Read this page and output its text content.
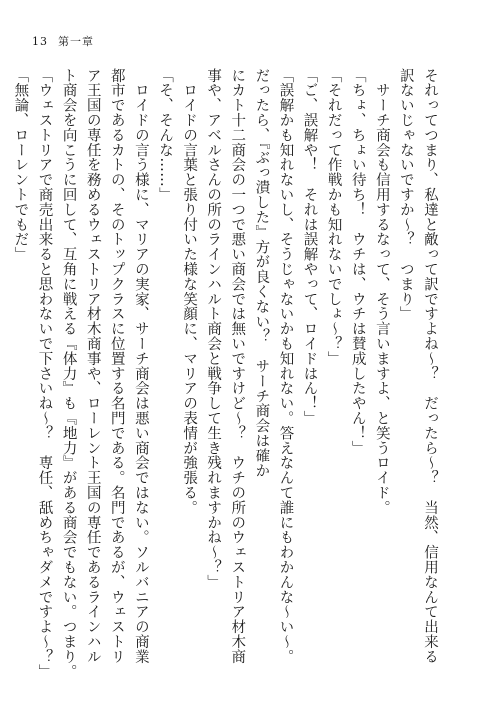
13 第一章

それってつまり、私達と敵って訳ですよね～？　だったら～？　当然、信用なんて出来る

訳ないじゃないですか～？　つまり」

　サーチ商会も信用するなって、そう言いますよ、と笑うロイド。

「ちょ、ちょい待ち！　ウチは、ウチは賛成したやん！」

「それだって作戦かも知れないでしょ～？」

「ご、誤解や！　それは誤解やって、ロイドはん！」

「誤解かも知れないし、そうじゃないかも知れない。答えなんて誰にもわかんな～い～。

だったら、『ぶっ潰した』方が良くない？　サーチ商会は確か

にカト十二商会の一つで悪い商会では無いですけど～？　ウチの所のウェストリア材木商

事や、アベルさんの所のラインハルト商会と戦争して生き残れますかね～？」

　ロイドの言葉と張り付いた様な笑顔に、マリアの表情が強張る。

「そ、そんな……」

　ロイドの言う様に、マリアの実家、サーチ商会は悪い商会ではない。ソルバニアの商業

都市であるカトの、そのトップクラスに位置する名門である。名門であるが、ウェストリ

ア王国の専任を務めるウェストリア材木商事や、ローレント王国の専任であるラインハル

ト商会を向こうに回して、互角に戦える『体力』も『地力』がある商会でもない。つまり。

「ウェストリアで商売出来ると思わないで下さいね～？　専任、舐めちゃダメですよ～？」

「無論、ローレントでもだ」
